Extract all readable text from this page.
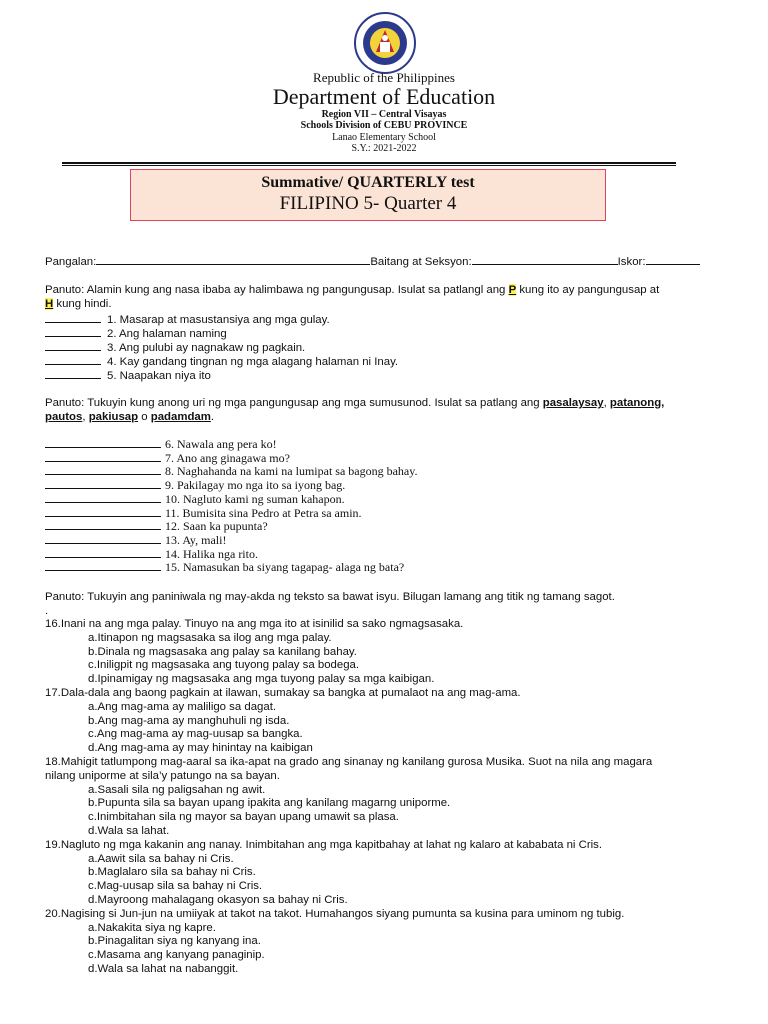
Republic of the Philippines
Department of Education
Region VII – Central Visayas
Schools Division of CEBU PROVINCE
Lanao Elementary School
S.Y.: 2021-2022
Summative/ QUARTERLY test
FILIPINO 5- Quarter 4
Pangalan:	Baitang at Seksyon:	Iskor:
Panuto: Alamin kung ang nasa ibaba ay halimbawa ng pangungusap. Isulat sa patlangl ang P kung ito ay pangungusap at
H kung hindi.
1. Masarap at masustansiya ang mga gulay.
2. Ang halaman naming
3. Ang pulubi ay nagnakaw ng pagkain.
4. Kay gandang tingnan ng mga alagang halaman ni Inay.
5. Naapakan niya ito
Panuto: Tukuyin kung anong uri ng mga pangungusap ang mga sumusunod. Isulat sa patlang ang pasalaysay, patanong,
pautos, pakiusap o padamdam.
6. Nawala ang pera ko!
7. Ano ang ginagawa mo?
8. Naghahanda na kami na lumipat sa bagong bahay.
9. Pakilagay mo nga ito sa iyong bag.
10. Nagluto kami ng suman kahapon.
11. Bumisita sina Pedro at Petra sa amin.
12. Saan ka pupunta?
13. Ay, mali!
14. Halika nga rito.
15. Namasukan ba siyang tagapag- alaga ng bata?
Panuto: Tukuyin ang paniniwala ng may-akda ng teksto sa bawat isyu. Bilugan lamang ang titik ng tamang sagot.
.
16.Inani na ang mga palay. Tinuyo na ang mga ito at isinilid sa sako ngmagsasaka.
a.Itinapon ng magsasaka sa ilog ang mga palay.
b.Dinala ng magsasaka ang palay sa kanilang bahay.
c.Iniligpit ng magsasaka ang tuyong palay sa bodega.
d.Ipinamigay ng magsasaka ang mga tuyong palay sa mga kaibigan.
17.Dala-dala ang baong pagkain at ilawan, sumakay sa bangka at pumalaot na ang mag-ama.
a.Ang mag-ama ay maliligo sa dagat.
b.Ang mag-ama ay manghuhuli ng isda.
c.Ang mag-ama ay mag-uusap sa bangka.
d.Ang mag-ama ay may hinintay na kaibigan
18.Mahigit tatlumpong mag-aaral sa ika-apat na grado ang sinanay ng kanilang gurosa Musika. Suot na nila ang magara
nilang uniporme at sila’y patungo na sa bayan.
a.Sasali sila ng paligsahan ng awit.
b.Pupunta sila sa bayan upang ipakita ang kanilang magarng uniporme.
c.Inimbitahan sila ng mayor sa bayan upang umawit sa plasa.
d.Wala sa lahat.
19.Nagluto ng mga kakanin ang nanay. Inimbitahan ang mga kapitbahay at lahat ng kalaro at kababata ni Cris.
a.Aawit sila sa bahay ni Cris.
b.Maglalaro sila sa bahay ni Cris.
c.Mag-uusap sila sa bahay ni Cris.
d.Mayroong mahalagang okasyon sa bahay ni Cris.
20.Nagising si Jun-jun na umiiyak at takot na takot. Humahangos siyang pumunta sa kusina para uminom ng tubig.
a.Nakakita siya ng kapre.
b.Pinagalitan siya ng kanyang ina.
c.Masama ang kanyang panaginip.
d.Wala sa lahat na nabanggit.
